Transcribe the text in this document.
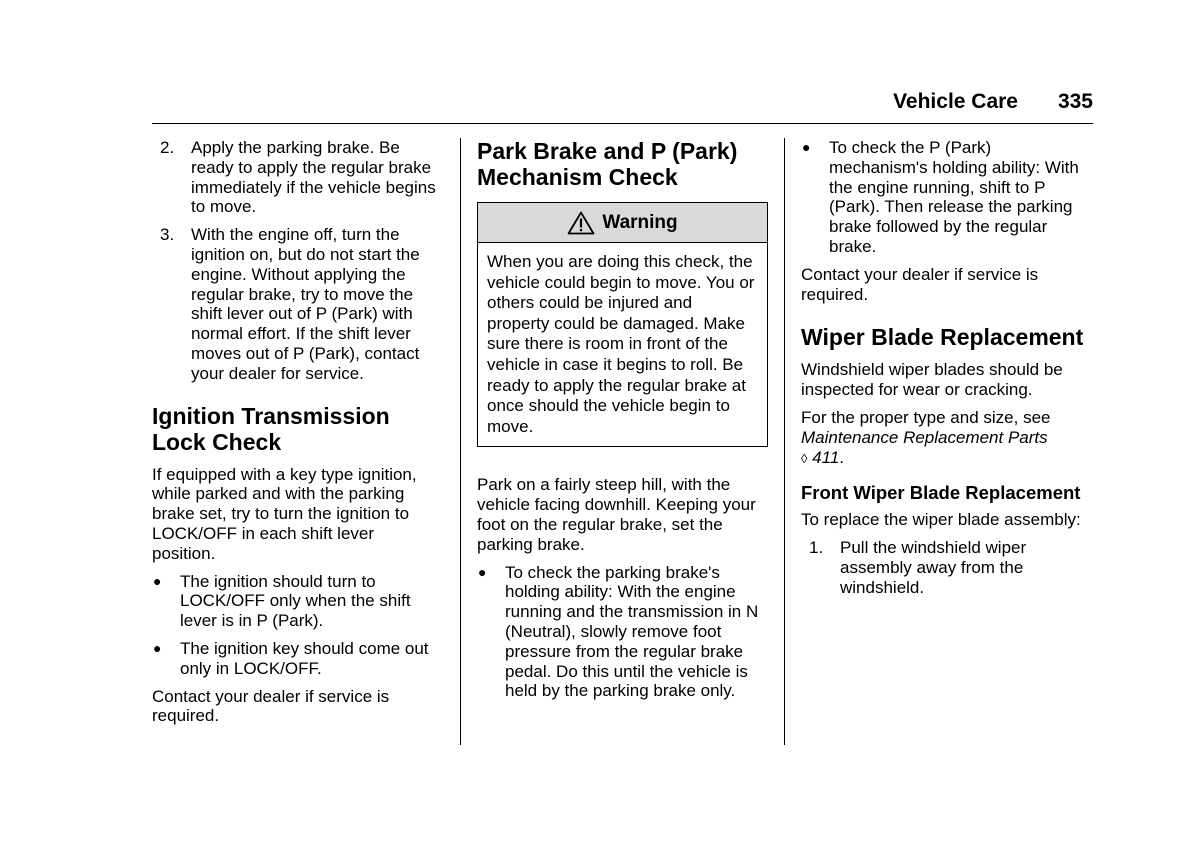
Vehicle Care 335
2. Apply the parking brake. Be ready to apply the regular brake immediately if the vehicle begins to move.
3. With the engine off, turn the ignition on, but do not start the engine. Without applying the regular brake, try to move the shift lever out of P (Park) with normal effort. If the shift lever moves out of P (Park), contact your dealer for service.
Ignition Transmission Lock Check

If equipped with a key type ignition, while parked and with the parking brake set, try to turn the ignition to LOCK/OFF in each shift lever position.

●	The ignition should turn to LOCK/OFF only when the shift lever is in P (Park).
●	The ignition key should come out only in LOCK/OFF.

Contact your dealer if service is required.

Park Brake and P (Park) Mechanism Check
Warning
When you are doing this check, the vehicle could begin to move. You or others could be injured and property could be damaged. Make sure there is room in front of the vehicle in case it begins to roll. Be ready to apply the regular brake at once should the vehicle begin to move.

Park on a fairly steep hill, with the vehicle facing downhill. Keeping your foot on the regular brake, set the parking brake.

●	To check the parking brake's holding ability: With the engine running and the transmission in N (Neutral), slowly remove foot pressure from the regular brake pedal. Do this until the vehicle is held by the parking brake only.
●	To check the P (Park) mechanism's holding ability: With the engine running, shift to P (Park). Then release the parking brake followed by the regular brake.

Contact your dealer if service is required.

Wiper Blade Replacement

Windshield wiper blades should be inspected for wear or cracking.

For the proper type and size, see
Maintenance Replacement Parts
◊ 411.

Front Wiper Blade Replacement

To replace the wiper blade assembly:

1. Pull the windshield wiper assembly away from the windshield.
